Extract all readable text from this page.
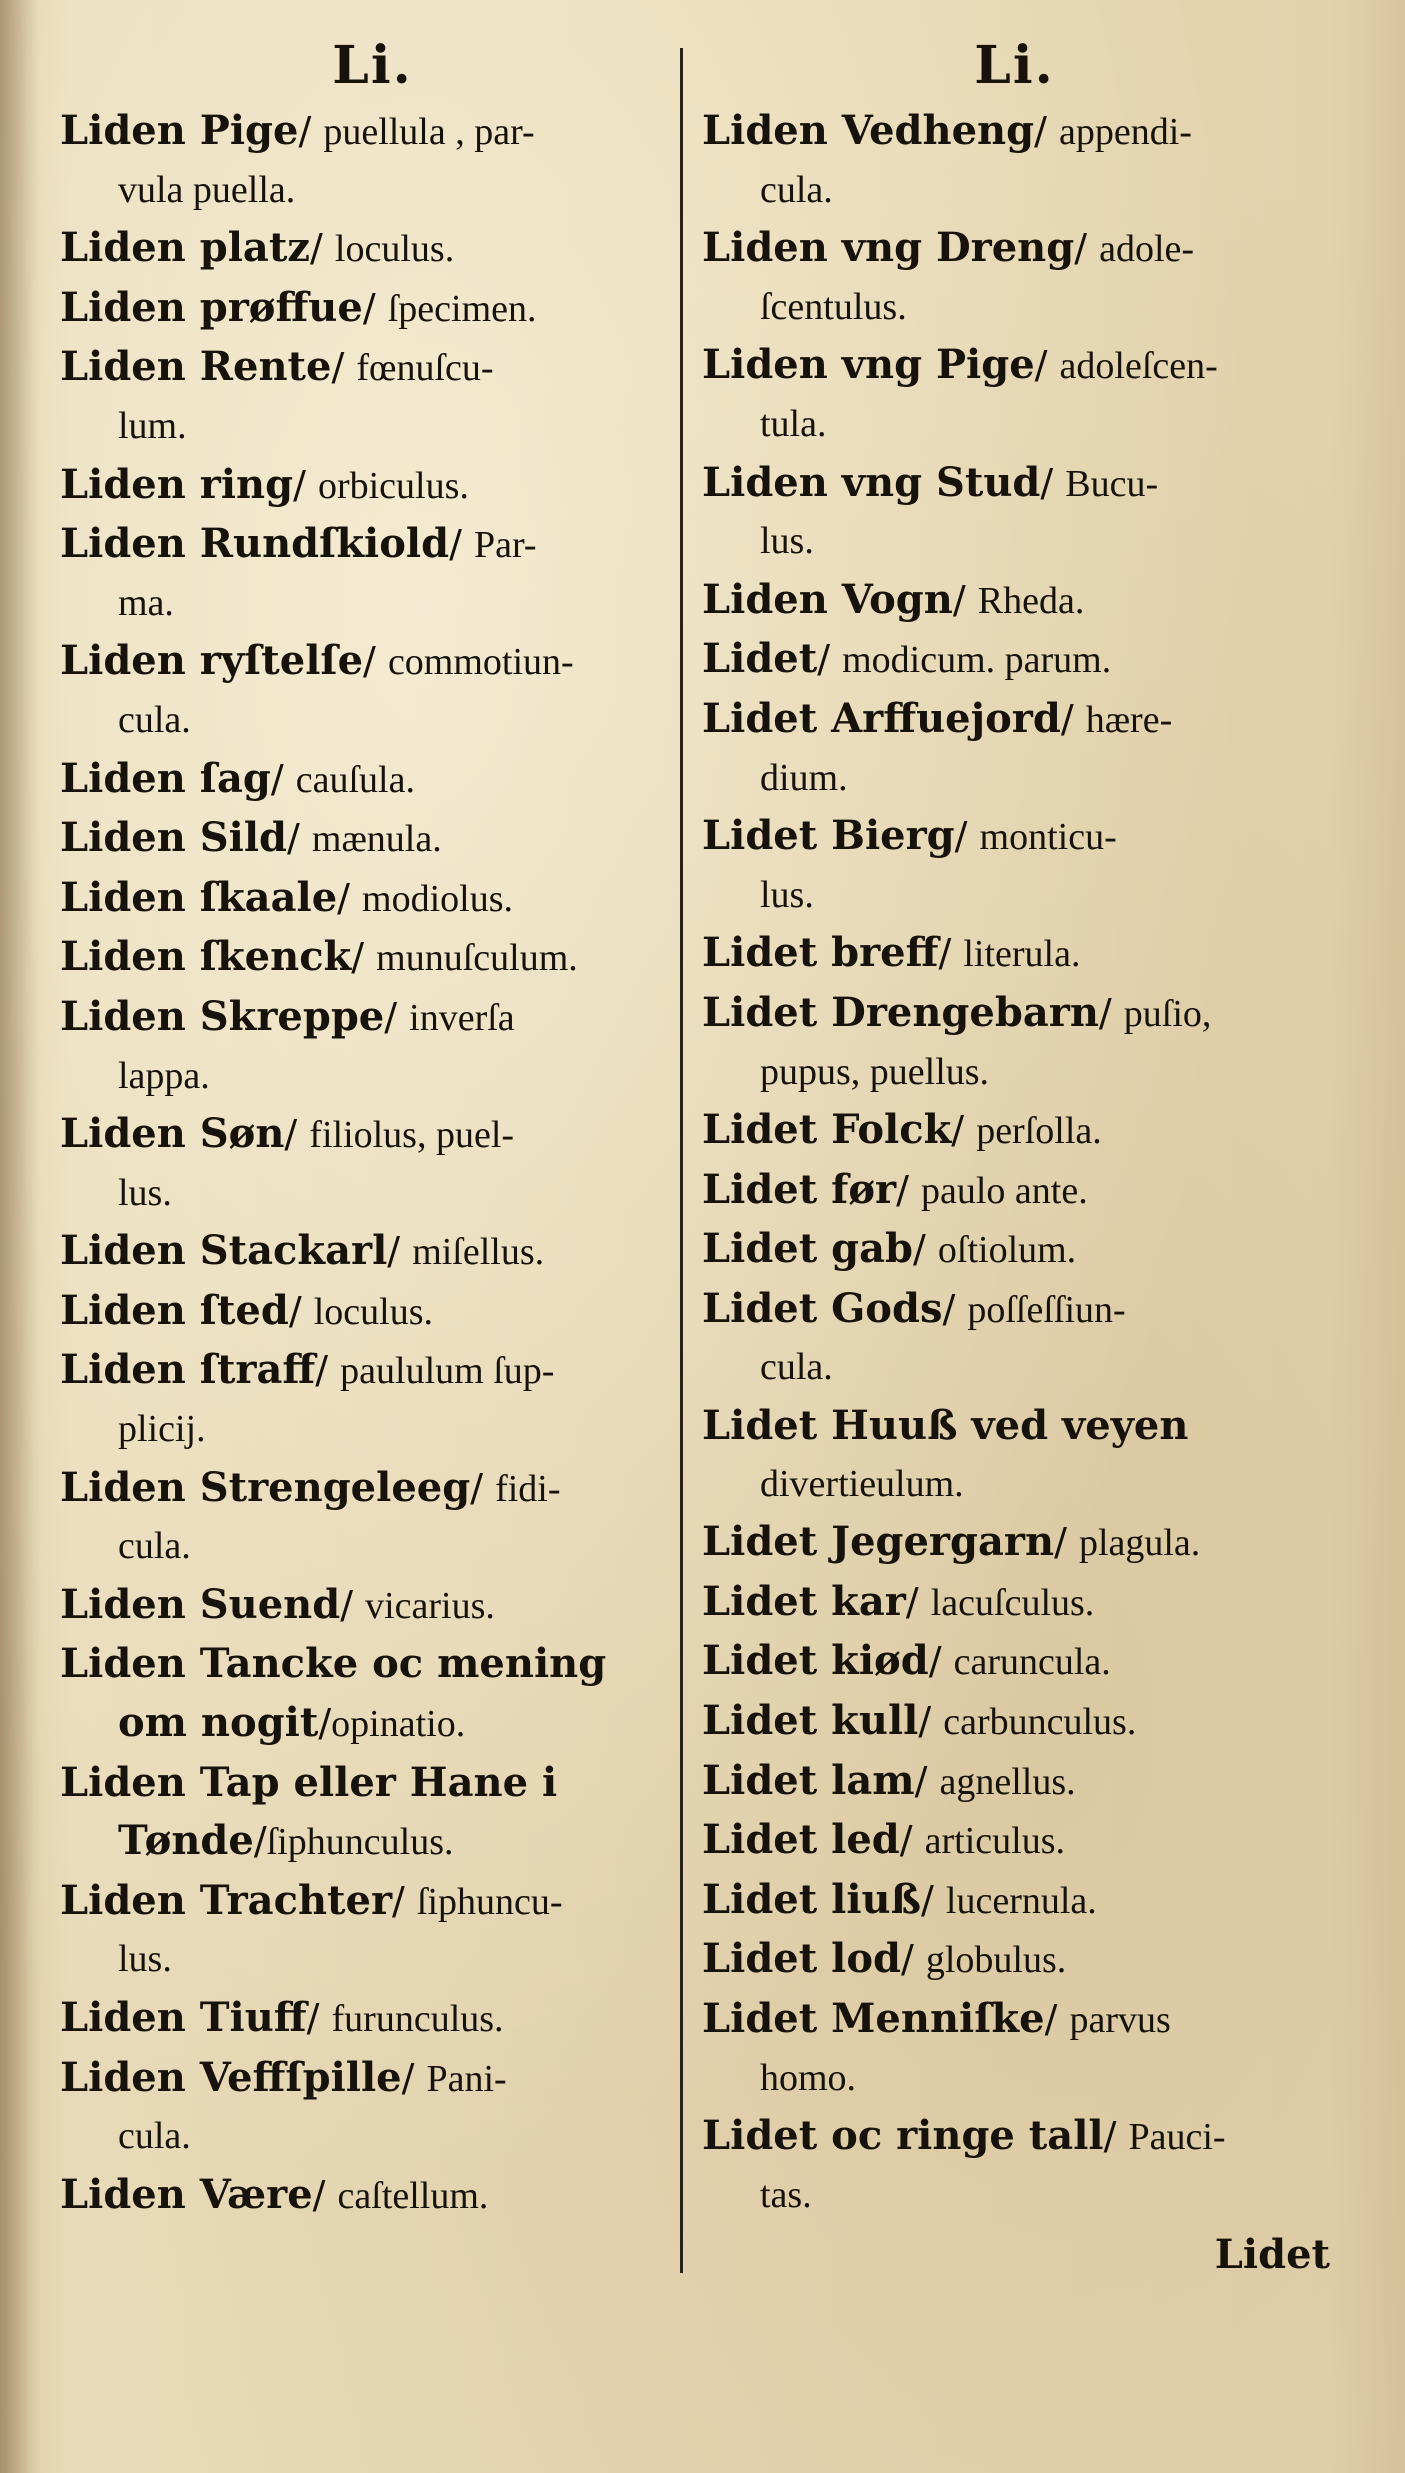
Li.
Liden Pige/ puellula , par-
vula puella.
Liden platz/ loculus.
Liden prøffue/ ſpecimen.
Liden Rente/ fœnuſcu-
lum.
Liden ring/ orbiculus.
Liden Rundſkiold/ Par-
ma.
Liden ryſtelſe/ commotiun-
cula.
Liden ſag/ cauſula.
Liden Sild/ mænula.
Liden ſkaale/ modiolus.
Liden ſkenck/ munuſculum.
Liden Skreppe/ inverſa
lappa.
Liden Søn/ filiolus, puel-
lus.
Liden Stackarl/ miſellus.
Liden ſted/ loculus.
Liden ſtraff/ paululum ſup-
plicij.
Liden Strengeleeg/ fidi-
cula.
Liden Suend/ vicarius.
Liden Tancke oc mening
om nogit/opinatio.
Liden Tap eller Hane i
Tønde/ſiphunculus.
Liden Trachter/ ſiphuncu-
lus.
Liden Tiuff/ furunculus.
Liden Veffſpille/ Pani-
cula.
Liden Være/ caſtellum.
Li.
Liden Vedheng/ appendi-
cula.
Liden vng Dreng/ adole-
ſcentulus.
Liden vng Pige/ adoleſcen-
tula.
Liden vng Stud/ Bucu-
lus.
Liden Vogn/ Rheda.
Lidet/ modicum. parum.
Lidet Arffuejord/ hære-
dium.
Lidet Bierg/ monticu-
lus.
Lidet breff/ literula.
Lidet Drengebarn/ puſio,
pupus, puellus.
Lidet Folck/ perſolla.
Lidet før/ paulo ante.
Lidet gab/ oſtiolum.
Lidet Gods/ poſſeſſiun-
cula.
Lidet Huuß ved veyen
divertieulum.
Lidet Jegergarn/ plagula.
Lidet kar/ lacuſculus.
Lidet kiød/ caruncula.
Lidet kull/ carbunculus.
Lidet lam/ agnellus.
Lidet led/ articulus.
Lidet liuß/ lucernula.
Lidet lod/ globulus.
Lidet Menniſke/ parvus
homo.
Lidet oc ringe tall/ Pauci-
tas.
Lidet
